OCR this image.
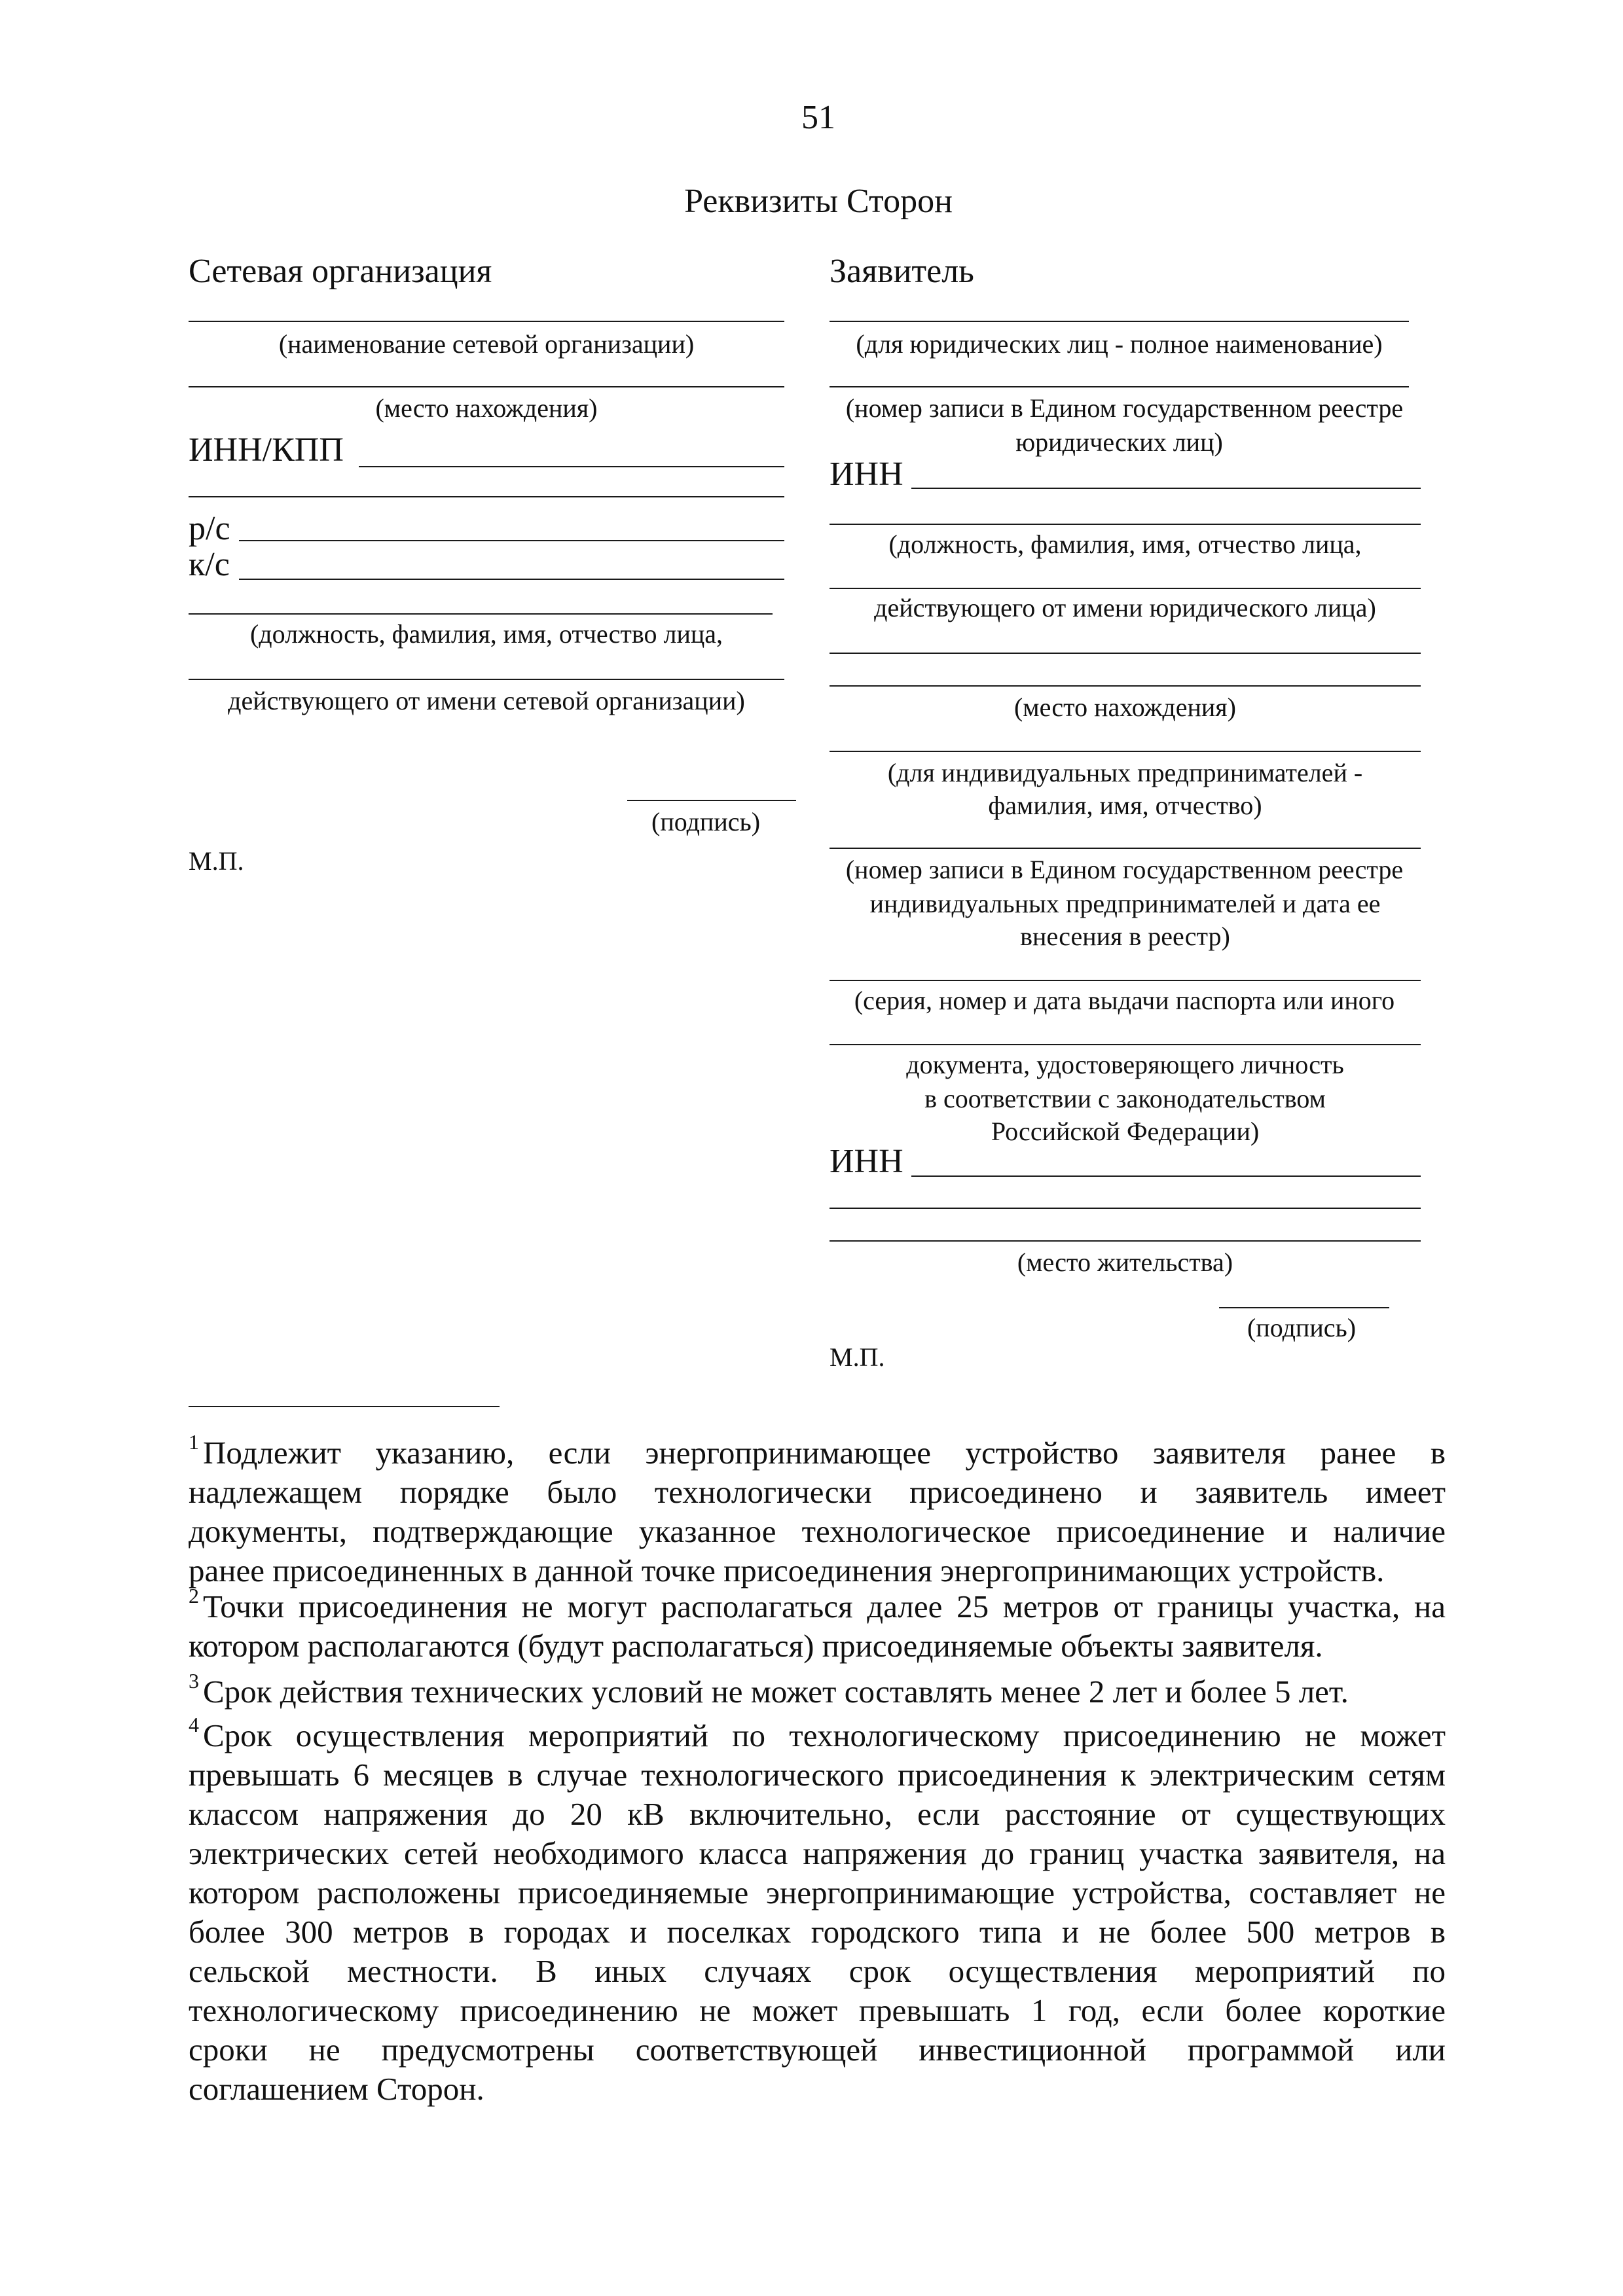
51
Реквизиты Сторон
Сетевая организация
(наименование сетевой организации)
(место нахождения)
ИНН/КПП
р/с
к/с
(должность, фамилия, имя, отчество лица,
действующего от имени сетевой организации)
(подпись)
М.П.
Заявитель
(для юридических лиц - полное наименование)
(номер записи в Едином государственном реестре
юридических лиц)
ИНН
(должность, фамилия, имя, отчество лица,
действующего от имени юридического лица)
(место нахождения)
(для индивидуальных предпринимателей -
фамилия, имя, отчество)
(номер записи в Едином государственном реестре
индивидуальных предпринимателей и дата ее
внесения в реестр)
(серия, номер и дата выдачи паспорта или иного
документа, удостоверяющего личность
в соответствии с законодательством
Российской Федерации)
ИНН
(место жительства)
(подпись)
М.П.
$^1$ Подлежит указанию, если энергопринимающее устройство заявителя ранее в
надлежащем порядке было технологически присоединено и заявитель имеет
документы, подтверждающие указанное технологическое присоединение и наличие
ранее присоединенных в данной точке присоединения энергопринимающих устройств.
$^2$ Точки присоединения не могут располагаться далее 25 метров от границы участка, на
котором располагаются (будут располагаться) присоединяемые объекты заявителя.
$^3$ Срок действия технических условий не может составлять менее 2 лет и более 5 лет.
$^4$ Срок осуществления мероприятий по технологическому присоединению не может
превышать 6 месяцев в случае технологического присоединения к электрическим сетям
классом напряжения до 20 кВ включительно, если расстояние от существующих
электрических сетей необходимого класса напряжения до границ участка заявителя, на
котором расположены присоединяемые энергопринимающие устройства, составляет не
более 300 метров в городах и поселках городского типа и не более 500 метров в
сельской местности. В иных случаях срок осуществления мероприятий по
технологическому присоединению не может превышать 1 год, если более короткие
сроки не предусмотрены соответствующей инвестиционной программой или
соглашением Сторон.
